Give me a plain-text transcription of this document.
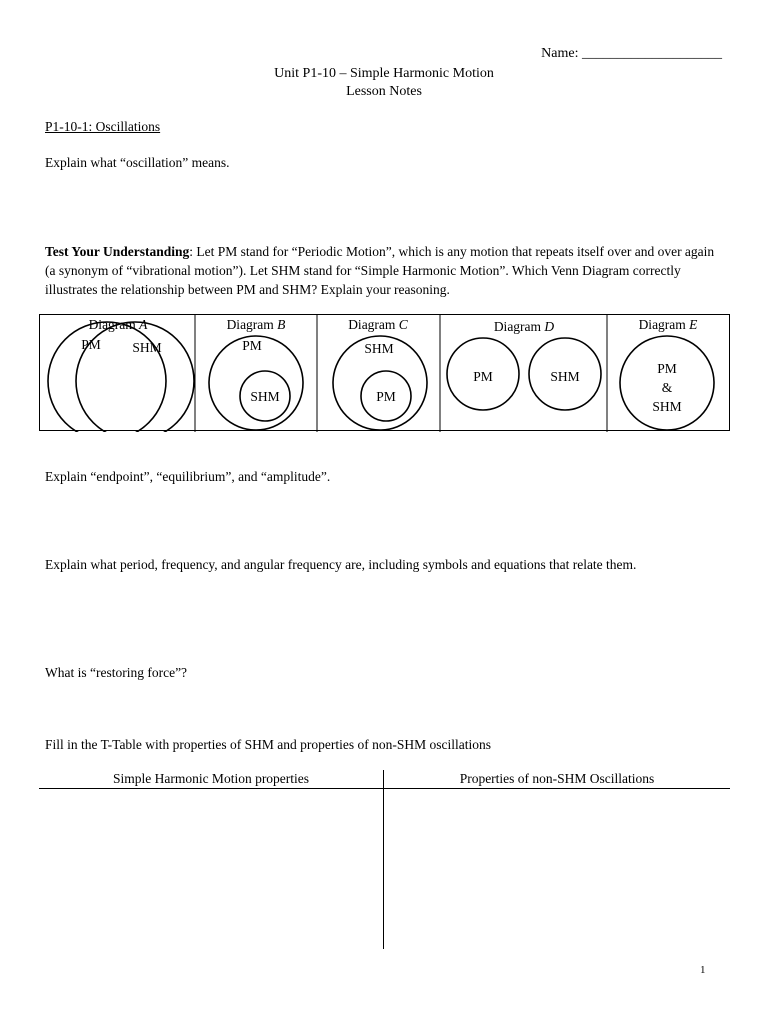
Name: ____________________
Unit P1-10 – Simple Harmonic Motion
Lesson Notes
P1-10-1: Oscillations
Explain what “oscillation” means.
Test Your Understanding: Let PM stand for “Periodic Motion”, which is any motion that repeats itself over and over again (a synonym of “vibrational motion”). Let SHM stand for “Simple Harmonic Motion”. Which Venn Diagram correctly illustrates the relationship between PM and SHM? Explain your reasoning.
Diagram A	Diagram B	Diagram C	Diagram D	Diagram E
PM SHM	PM
SHM
SHM
PM
PM	SHM
PM
&
SHM
Explain “endpoint”, “equilibrium”, and “amplitude”.
Explain what period, frequency, and angular frequency are, including symbols and equations that relate them.
What is “restoring force”?
Fill in the T-Table with properties of SHM and properties of non-SHM oscillations
Simple Harmonic Motion properties	Properties of non-SHM Oscillations
1
